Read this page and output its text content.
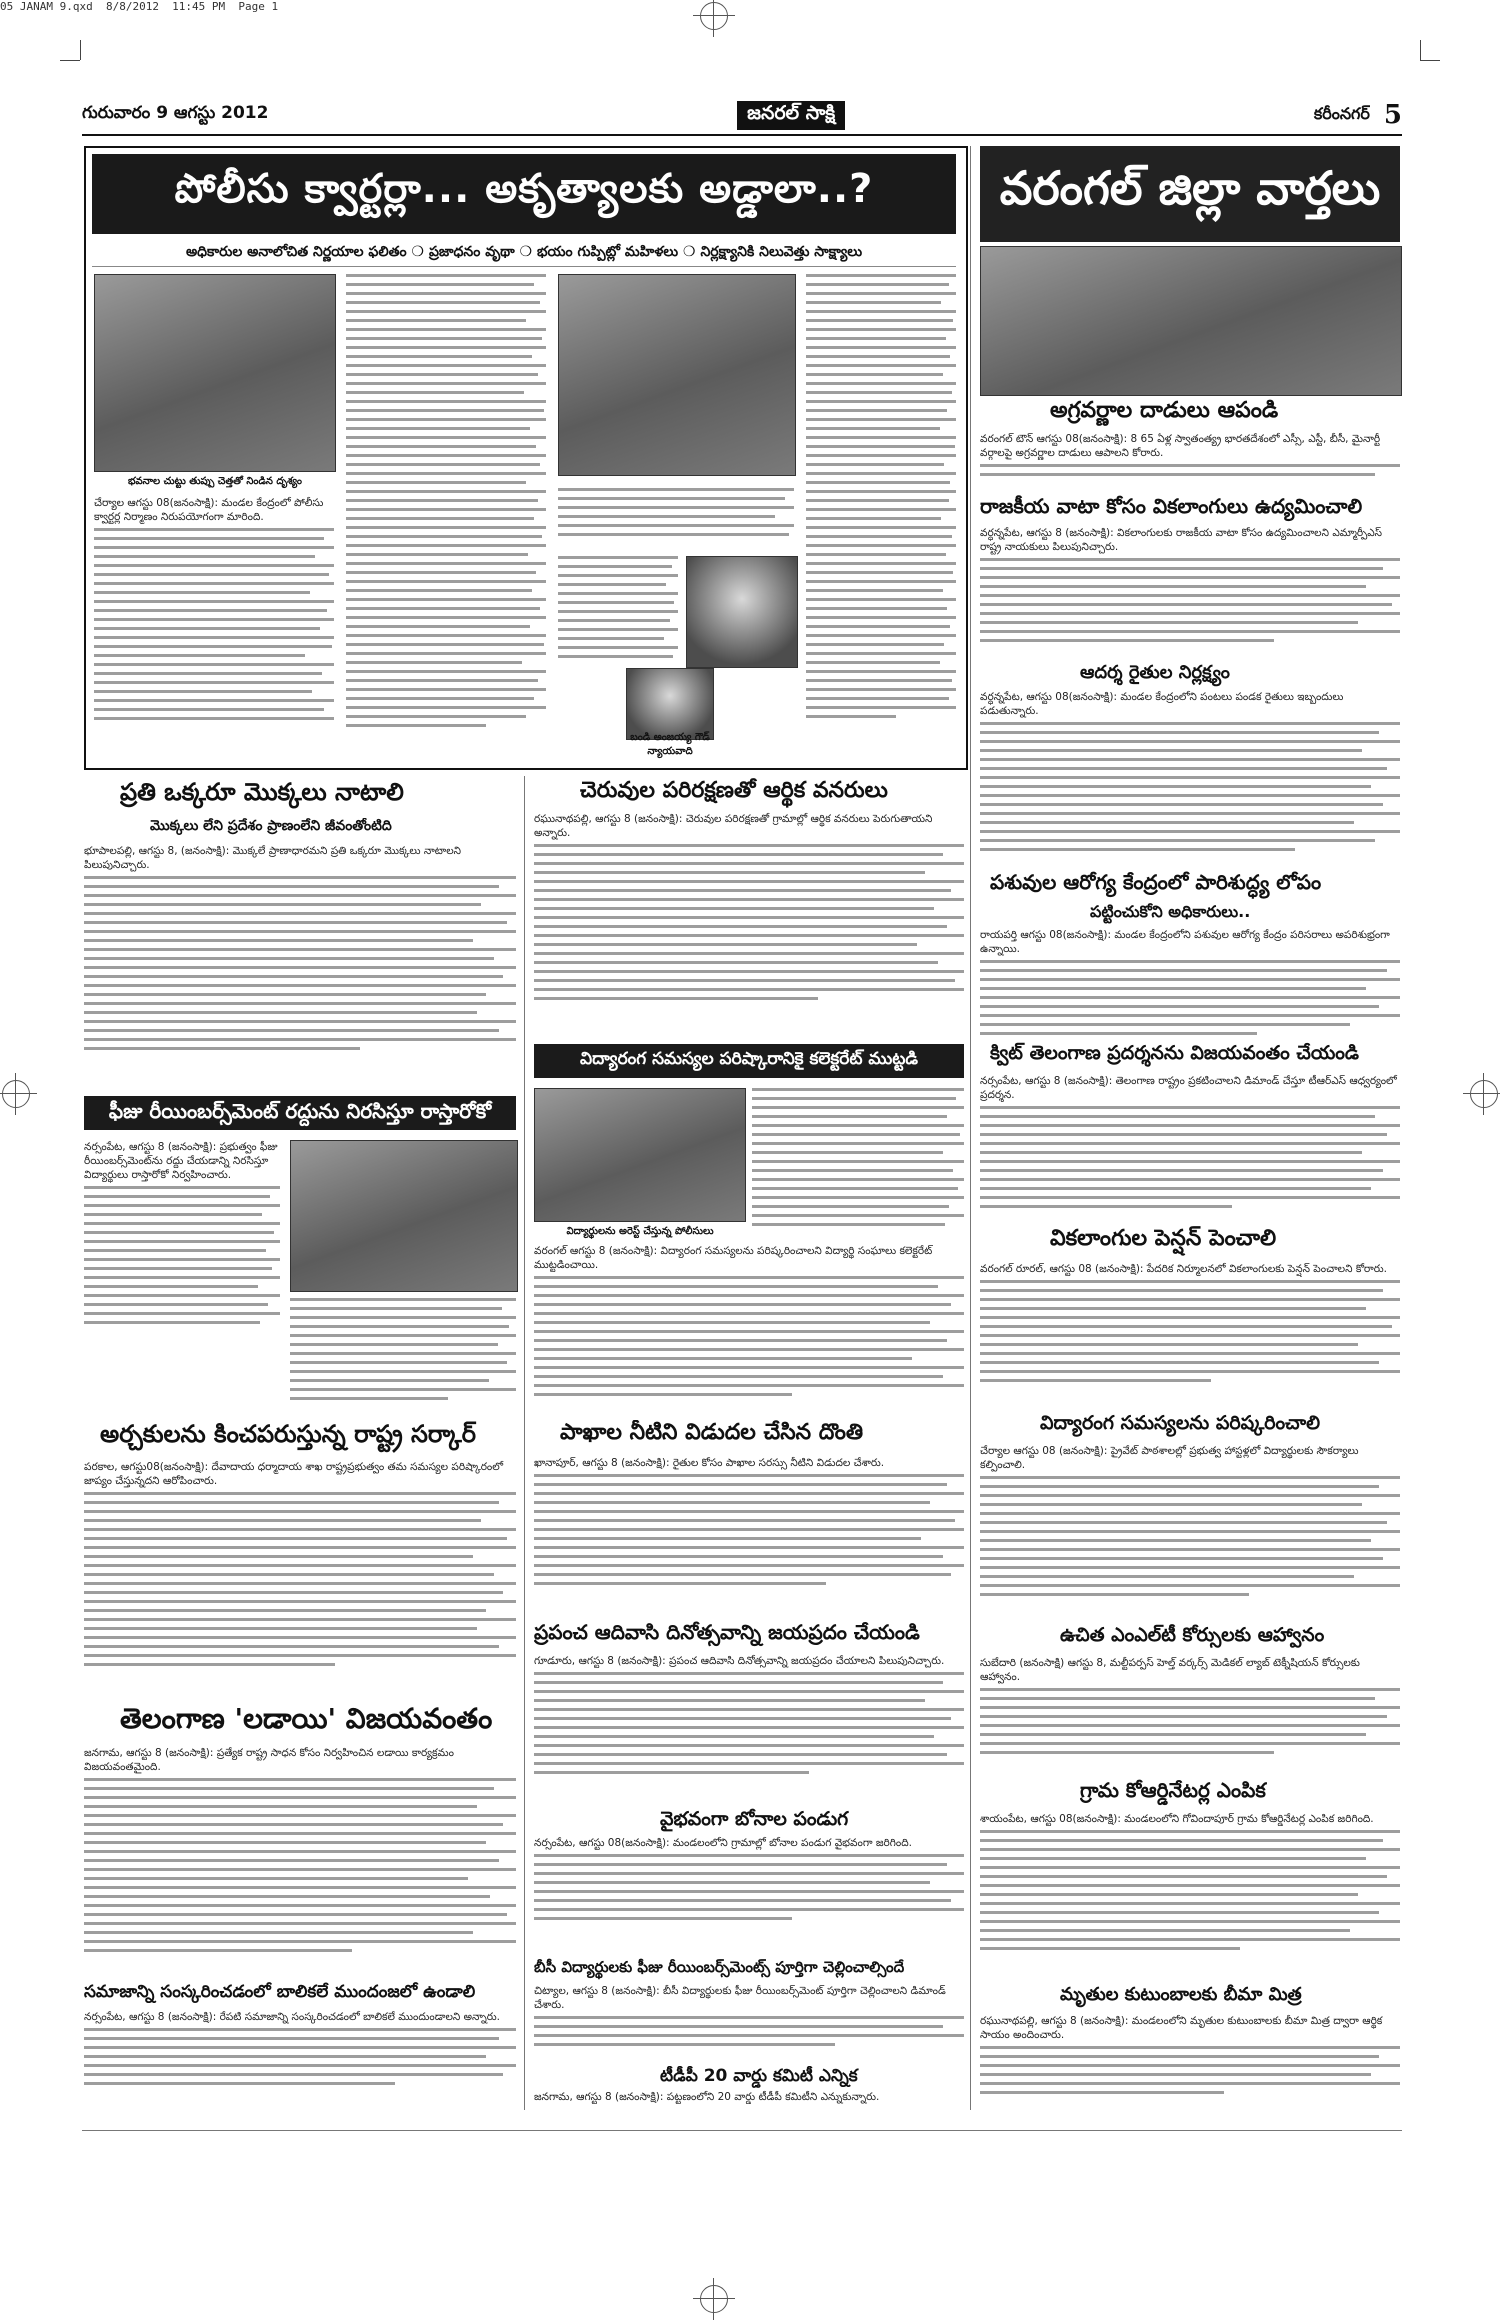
05 JANAM 9.qxd  8/8/2012  11:45 PM  Page 1
గురువారం 9 ఆగస్టు 2012	జనరల్ సాక్షి	కరీంనగర్ 5
పోలీసు క్వార్టర్లా... అకృత్యాలకు అడ్డాలా..?
అధికారుల అనాలోచిత నిర్ణయాల ఫలితం ❍ ప్రజాధనం వృథా ❍ భయం గుప్పిట్లో మహిళలు ❍ నిర్లక్ష్యానికి నిలువెత్తు సాక్ష్యాలు
భవనాల చుట్టు తుప్పు చెత్తతో నిండిన దృశ్యం

చేర్యాల ఆగస్టు 08(జనంసాక్షి): మండల కేంద్రంలో పోలీసు క్వార్టర్ల నిర్మాణం నిరుపయోగంగా మారింది.

బండి అంజయ్య గౌడ్ న్యాయవాది
వరంగల్ జిల్లా వార్తలు
అగ్రవర్ణాల దాడులు ఆపండి

వరంగల్ టౌన్ ఆగస్టు 08(జనంసాక్షి): 8 65 ఏళ్ల స్వాతంత్య్ర భారతదేశంలో ఎస్సీ, ఎస్టీ, బీసీ, మైనార్టీ వర్గాలపై అగ్రవర్ణాల దాడులు ఆపాలని కోరారు.

రాజకీయ వాటా కోసం వికలాంగులు ఉద్యమించాలి

వర్ధన్నపేట, ఆగస్టు 8 (జనంసాక్షి): వికలాంగులకు రాజకీయ వాటా కోసం ఉద్యమించాలని ఎమ్మార్పీఎస్ రాష్ట్ర నాయకులు పిలుపునిచ్చారు.

ఆదర్శ రైతుల నిర్లక్ష్యం

వర్ధన్నపేట, ఆగస్టు 08(జనంసాక్షి): మండల కేంద్రంలోని పంటలు పండక రైతులు ఇబ్బందులు పడుతున్నారు.

పశువుల ఆరోగ్య కేంద్రంలో పారిశుద్ధ్య లోపం
పట్టించుకోని అధికారులు..

రాయపర్తి ఆగస్టు 08(జనంసాక్షి): మండల కేంద్రంలోని పశువుల ఆరోగ్య కేంద్రం పరిసరాలు అపరిశుభ్రంగా ఉన్నాయి.

క్విట్ తెలంగాణ ప్రదర్శనను విజయవంతం చేయండి

నర్సంపేట, ఆగస్టు 8 (జనంసాక్షి): తెలంగాణ రాష్ట్రం ప్రకటించాలని డిమాండ్ చేస్తూ టీఆర్ఎస్ ఆధ్వర్యంలో ప్రదర్శన.

వికలాంగుల పెన్షన్ పెంచాలి

వరంగల్ రూరల్, ఆగస్టు 08 (జనంసాక్షి): పేదరిక నిర్మూలనలో వికలాంగులకు పెన్షన్ పెంచాలని కోరారు.

విద్యారంగ సమస్యలను పరిష్కరించాలి

చేర్యాల ఆగస్టు 08 (జనంసాక్షి): ప్రైవేట్ పాఠశాలల్లో ప్రభుత్వ హాస్టళ్లలో విద్యార్థులకు సౌకర్యాలు కల్పించాలి.

ఉచిత ఎంఎల్‌టీ కోర్సులకు ఆహ్వానం

సుబేదారి (జనంసాక్షి) ఆగస్టు 8, మల్టీపర్పస్ హెల్త్ వర్కర్స్ మెడికల్ ల్యాబ్ టెక్నీషియన్ కోర్సులకు ఆహ్వానం.

గ్రామ కోఆర్డినేటర్ల ఎంపిక

శాయంపేట, ఆగస్టు 08(జనంసాక్షి): మండలంలోని గోవిందాపూర్ గ్రామ కోఆర్డినేటర్ల ఎంపిక జరిగింది.

మృతుల కుటుంబాలకు బీమా మిత్ర

రఘునాథపల్లి, ఆగస్టు 8 (జనంసాక్షి): మండలంలోని మృతుల కుటుంబాలకు బీమా మిత్ర ద్వారా ఆర్థిక సాయం అందించారు.

ప్రతి ఒక్కరూ మొక్కలు నాటాలి
మొక్కలు లేని ప్రదేశం ప్రాణంలేని జీవంతోంటిది

భూపాలపల్లి, ఆగస్టు 8, (జనంసాక్షి): మొక్కలే ప్రాణాధారమని ప్రతి ఒక్కరూ మొక్కలు నాటాలని పిలుపునిచ్చారు.

ఫీజు రీయింబర్స్‌మెంట్ రద్దును నిరసిస్తూ రాస్తారోకో

నర్సంపేట, ఆగస్టు 8 (జనంసాక్షి): ప్రభుత్వం ఫీజు రీయింబర్స్‌మెంట్‌ను రద్దు చేయడాన్ని నిరసిస్తూ విద్యార్థులు రాస్తారోకో నిర్వహించారు.

అర్చకులను కించపరుస్తున్న రాష్ట్ర సర్కార్

పరకాల, ఆగస్టు08(జనంసాక్షి): దేవాదాయ ధర్మాదాయ శాఖ రాష్ట్రప్రభుత్వం తమ సమస్యల పరిష్కారంలో జాప్యం చేస్తున్నదని ఆరోపించారు.

తెలంగాణ 'లడాయి' విజయవంతం

జనగామ, ఆగస్టు 8 (జనంసాక్షి): ప్రత్యేక రాష్ట్ర సాధన కోసం నిర్వహించిన లడాయి కార్యక్రమం విజయవంతమైంది.

సమాజాన్ని సంస్కరించడంలో బాలికలే ముందంజలో ఉండాలి

నర్సంపేట, ఆగస్టు 8 (జనంసాక్షి): రేపటి సమాజాన్ని సంస్కరించడంలో బాలికలే ముందుండాలని అన్నారు.

చెరువుల పరిరక్షణతో ఆర్థిక వనరులు

రఘునాథపల్లి, ఆగస్టు 8 (జనంసాక్షి): చెరువుల పరిరక్షణతో గ్రామాల్లో ఆర్థిక వనరులు పెరుగుతాయని అన్నారు.

విద్యారంగ సమస్యల పరిష్కారానికై కలెక్టరేట్ ముట్టడి
విద్యార్థులను అరెస్ట్ చేస్తున్న పోలీసులు

వరంగల్ ఆగస్టు 8 (జనంసాక్షి): విద్యారంగ సమస్యలను పరిష్కరించాలని విద్యార్థి సంఘాలు కలెక్టరేట్ ముట్టడించాయి.

పాఖాల నీటిని విడుదల చేసిన దొంతి

ఖానాపూర్, ఆగస్టు 8 (జనంసాక్షి): రైతుల కోసం పాఖాల సరస్సు నీటిని విడుదల చేశారు.

ప్రపంచ ఆదివాసి దినోత్సవాన్ని జయప్రదం చేయండి

గూడూరు, ఆగస్టు 8 (జనంసాక్షి): ప్రపంచ ఆదివాసి దినోత్సవాన్ని జయప్రదం చేయాలని పిలుపునిచ్చారు.

వైభవంగా బోనాల పండుగ

నర్సంపేట, ఆగస్టు 08(జనంసాక్షి): మండలంలోని గ్రామాల్లో బోనాల పండుగ వైభవంగా జరిగింది.

బీసీ విద్యార్థులకు ఫీజు రీయింబర్స్‌మెంట్స్ పూర్తిగా చెల్లించాల్సిందే

చిట్యాల, ఆగస్టు 8 (జనంసాక్షి): బీసీ విద్యార్థులకు ఫీజు రీయింబర్స్‌మెంట్ పూర్తిగా చెల్లించాలని డిమాండ్ చేశారు.

టీడీపీ 20 వార్డు కమిటీ ఎన్నిక

జనగామ, ఆగస్టు 8 (జనంసాక్షి): పట్టణంలోని 20 వార్డు టీడీపీ కమిటీని ఎన్నుకున్నారు.
